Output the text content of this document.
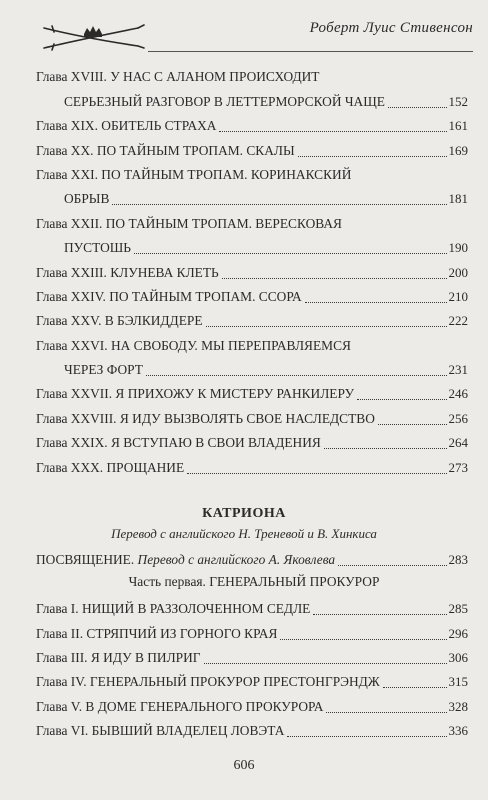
Роберт Луис Стивенсон
Глава XVIII. У НАС С АЛАНОМ ПРОИСХОДИТ
СЕРЬЕЗНЫЙ РАЗГОВОР В ЛЕТТЕРМОРСКОЙ ЧАЩЕ	152
Глава XIX. ОБИТЕЛЬ СТРАХА	161
Глава XX. ПО ТАЙНЫМ ТРОПАМ. СКАЛЫ	169
Глава XXI. ПО ТАЙНЫМ ТРОПАМ. КОРИНАКСКИЙ
ОБРЫВ	181
Глава XXII. ПО ТАЙНЫМ ТРОПАМ. ВЕРЕСКОВАЯ
ПУСТОШЬ	190
Глава XXIII. КЛУНЕВА КЛЕТЬ	200
Глава XXIV. ПО ТАЙНЫМ ТРОПАМ. ССОРА	210
Глава XXV. В БЭЛКИДДЕРЕ	222
Глава XXVI. НА СВОБОДУ. МЫ ПЕРЕПРАВЛЯЕМСЯ
ЧЕРЕЗ ФОРТ	231
Глава XXVII. Я ПРИХОЖУ К МИСТЕРУ РАНКИЛЕРУ	246
Глава XXVIII. Я ИДУ ВЫЗВОЛЯТЬ СВОЕ НАСЛЕДСТВО	256
Глава XXIX. Я ВСТУПАЮ В СВОИ ВЛАДЕНИЯ	264
Глава XXX. ПРОЩАНИЕ	273
КАТРИОНА
Перевод с английского Н. Треневой и В. Хинкиса
ПОСВЯЩЕНИЕ.
Перевод с английского А. Яковлева	283
Часть первая. ГЕНЕРАЛЬНЫЙ ПРОКУРОР
Глава I. НИЩИЙ В РАЗЗОЛОЧЕННОМ СЕДЛЕ	285
Глава II. СТРЯПЧИЙ ИЗ ГОРНОГО КРАЯ	296
Глава III. Я ИДУ В ПИЛРИГ	306
Глава IV. ГЕНЕРАЛЬНЫЙ ПРОКУРОР ПРЕСТОНГРЭНДЖ	315
Глава V. В ДОМЕ ГЕНЕРАЛЬНОГО ПРОКУРОРА	328
Глава VI. БЫВШИЙ ВЛАДЕЛЕЦ ЛОВЭТА	336
606
